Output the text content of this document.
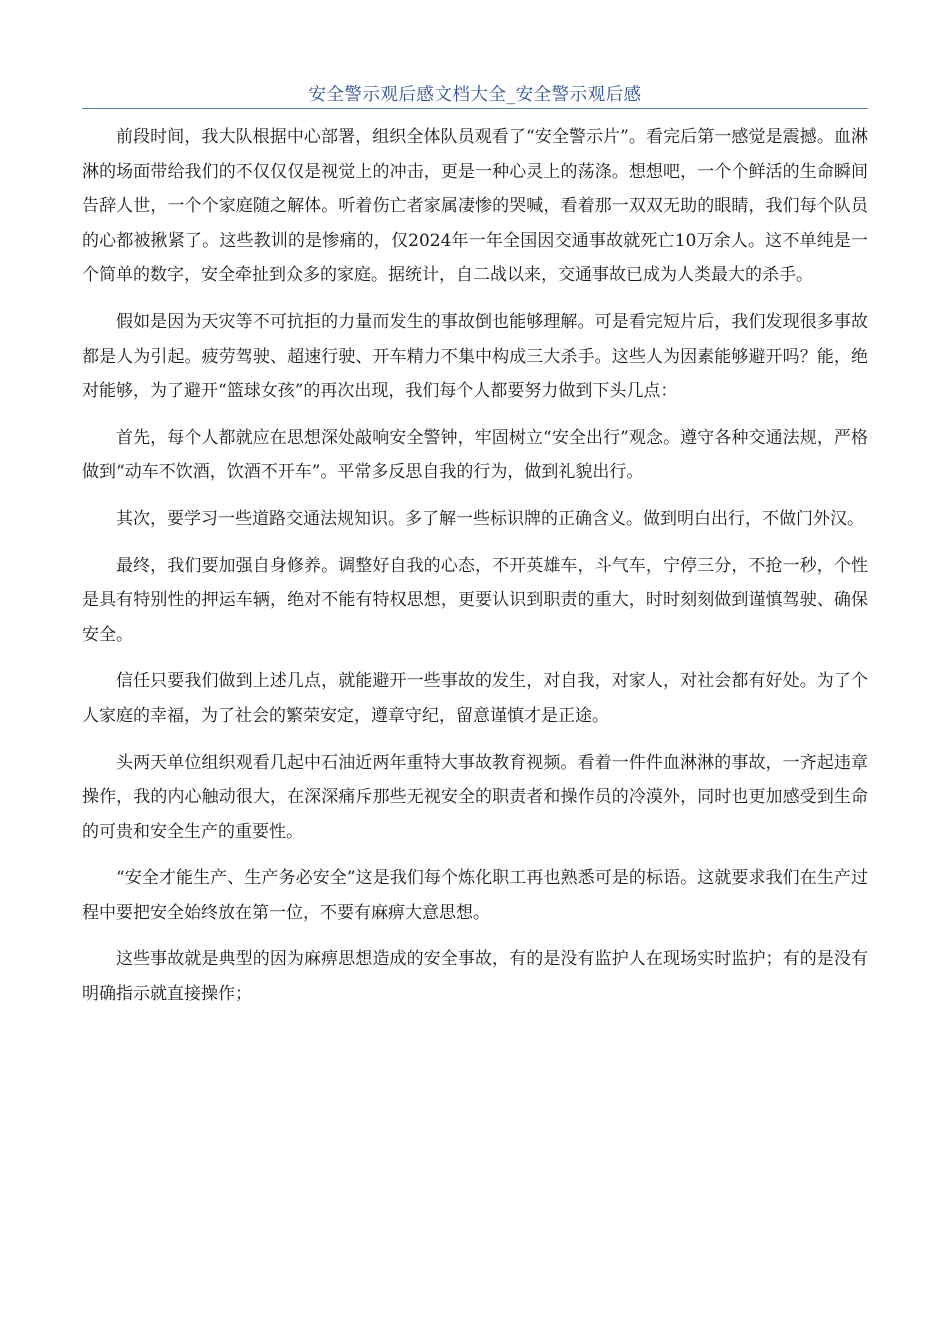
安全警示观后感文档大全_安全警示观后感

前段时间，我大队根据中心部署，组织全体队员观看了“安全警示片”。看完后第一感觉是震撼。血淋淋的场面带给我们的不仅仅仅是视觉上的冲击，更是一种心灵上的荡涤。想想吧，一个个鲜活的生命瞬间告辞人世，一个个家庭随之解体。听着伤亡者家属凄惨的哭喊，看着那一双双无助的眼睛，我们每个队员的心都被揪紧了。这些教训的是惨痛的，仅2024年一年全国因交通事故就死亡10万余人。这不单纯是一个简单的数字，安全牵扯到众多的家庭。据统计，自二战以来，交通事故已成为人类最大的杀手。

假如是因为天灾等不可抗拒的力量而发生的事故倒也能够理解。可是看完短片后，我们发现很多事故都是人为引起。疲劳驾驶、超速行驶、开车精力不集中构成三大杀手。这些人为因素能够避开吗？能，绝对能够，为了避开“篮球女孩”的再次出现，我们每个人都要努力做到下头几点：

首先，每个人都就应在思想深处敲响安全警钟，牢固树立“安全出行”观念。遵守各种交通法规，严格做到“动车不饮酒，饮酒不开车”。平常多反思自我的行为，做到礼貌出行。

其次，要学习一些道路交通法规知识。多了解一些标识牌的正确含义。做到明白出行，不做门外汉。

最终，我们要加强自身修养。调整好自我的心态，不开英雄车，斗气车，宁停三分，不抢一秒，个性是具有特别性的押运车辆，绝对不能有特权思想，更要认识到职责的重大，时时刻刻做到谨慎驾驶、确保安全。

信任只要我们做到上述几点，就能避开一些事故的发生，对自我，对家人，对社会都有好处。为了个人家庭的幸福，为了社会的繁荣安定，遵章守纪，留意谨慎才是正途。

头两天单位组织观看几起中石油近两年重特大事故教育视频。看着一件件血淋淋的事故，一齐起违章操作，我的内心触动很大，在深深痛斥那些无视安全的职责者和操作员的冷漠外，同时也更加感受到生命的可贵和安全生产的重要性。

“安全才能生产、生产务必安全”这是我们每个炼化职工再也熟悉可是的标语。这就要求我们在生产过程中要把安全始终放在第一位，不要有麻痹大意思想。

这些事故就是典型的因为麻痹思想造成的安全事故，有的是没有监护人在现场实时监护；有的是没有明确指示就直接操作；
